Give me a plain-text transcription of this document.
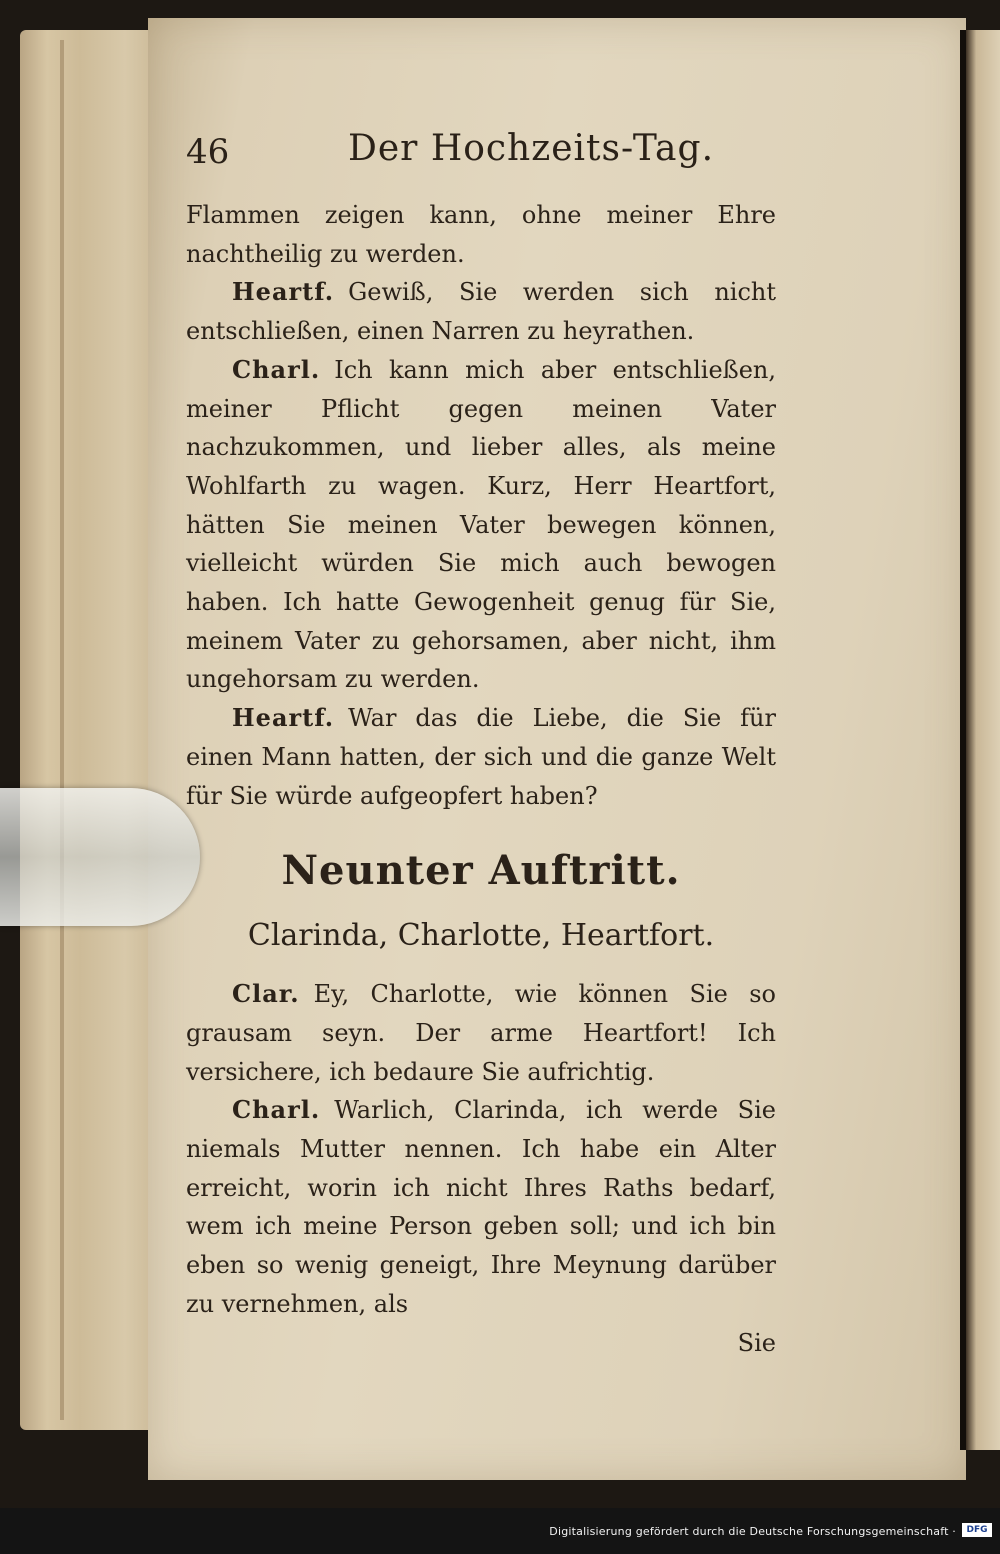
46	Der Hochzeits-Tag.

Flammen zeigen kann, ohne meiner Ehre nachtheilig zu werden.

Heartf. Gewiß, Sie werden sich nicht entschließen, einen Narren zu heyrathen.

Charl. Ich kann mich aber entschließen, meiner Pflicht gegen meinen Vater nachzukommen, und lieber alles, als meine Wohlfarth zu wagen. Kurz, Herr Heartfort, hätten Sie meinen Vater bewegen können, vielleicht würden Sie mich auch bewogen haben. Ich hatte Gewogenheit genug für Sie, meinem Vater zu gehorsamen, aber nicht, ihm ungehorsam zu werden.

Heartf. War das die Liebe, die Sie für einen Mann hatten, der sich und die ganze Welt für Sie würde aufgeopfert haben?

Neunter Auftritt.
Clarinda, Charlotte, Heartfort.

Clar. Ey, Charlotte, wie können Sie so grausam seyn. Der arme Heartfort! Ich versichere, ich bedaure Sie aufrichtig.

Charl. Warlich, Clarinda, ich werde Sie niemals Mutter nennen. Ich habe ein Alter erreicht, worin ich nicht Ihres Raths bedarf, wem ich meine Person geben soll; und ich bin eben so wenig geneigt, Ihre Meynung darüber zu vernehmen, als

Sie

Digitalisierung gefördert durch die Deutsche Forschungsgemeinschaft ·	DFG
